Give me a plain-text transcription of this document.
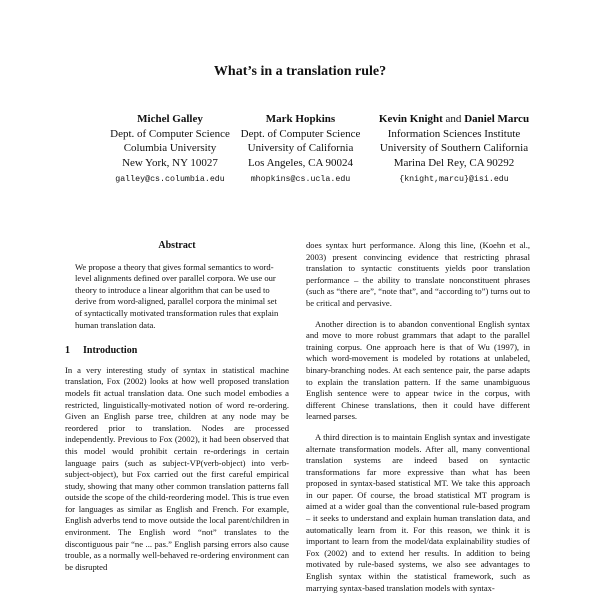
What’s in a translation rule?
Michel Galley
Dept. of Computer Science
Columbia University
New York, NY 10027
galley@cs.columbia.edu
Mark Hopkins
Dept. of Computer Science
University of California
Los Angeles, CA 90024
mhopkins@cs.ucla.edu
Kevin Knight and Daniel Marcu
Information Sciences Institute
University of Southern California
Marina Del Rey, CA 90292
{knight,marcu}@isi.edu
Abstract
We propose a theory that gives formal semantics to word-level alignments defined over parallel corpora. We use our theory to introduce a linear algorithm that can be used to derive from word-aligned, parallel corpora the minimal set of syntactically motivated transformation rules that explain human translation data.
1 Introduction

In a very interesting study of syntax in statistical machine translation, Fox (2002) looks at how well proposed translation models fit actual translation data. One such model embodies a restricted, linguistically-motivated notion of word re-ordering. Given an English parse tree, children at any node may be reordered prior to translation. Nodes are processed independently. Previous to Fox (2002), it had been observed that this model would prohibit certain re-orderings in certain language pairs (such as subject-VP(verb-object) into verb-subject-object), but Fox carried out the first careful empirical study, showing that many other common translation patterns fall outside the scope of the child-reordering model. This is true even for languages as similar as English and French. For example, English adverbs tend to move outside the local parent/children in environment. The English word “not” translates to the discontiguous pair “ne ... pas.” English parsing errors also cause trouble, as a normally well-behaved re-ordering environment can be disrupted

does syntax hurt performance. Along this line, (Koehn et al., 2003) present convincing evidence that restricting phrasal translation to syntactic constituents yields poor translation performance – the ability to translate nonconstituent phrases (such as “there are”, “note that”, and “according to”) turns out to be critical and pervasive.

Another direction is to abandon conventional English syntax and move to more robust grammars that adapt to the parallel training corpus. One approach here is that of Wu (1997), in which word-movement is modeled by rotations at unlabeled, binary-branching nodes. At each sentence pair, the parse adapts to explain the translation pattern. If the same unambiguous English sentence were to appear twice in the corpus, with different Chinese translations, then it could have different learned parses.

A third direction is to maintain English syntax and investigate alternate transformation models. After all, many conventional translation systems are indeed based on syntactic transformations far more expressive than what has been proposed in syntax-based statistical MT. We take this approach in our paper. Of course, the broad statistical MT program is aimed at a wider goal than the conventional rule-based program – it seeks to understand and explain human translation data, and automatically learn from it. For this reason, we think it is important to learn from the model/data explainability studies of Fox (2002) and to extend her results. In addition to being motivated by rule-based systems, we also see advantages to English syntax within the statistical framework, such as marrying syntax-based translation models with syntax-
